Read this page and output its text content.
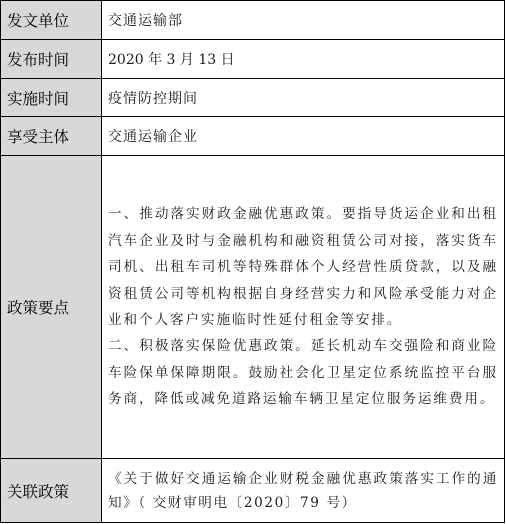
发文单位	交通运输部
发布时间	2020 年 3 月 13 日
实施时间	疫情防控期间
享受主体	交通运输企业
政策要点	一、推动落实财政金融优惠政策。要指导货运企业和出租汽车企业及时与金融机构和融资租赁公司对接，落实货车司机、出租车司机等特殊群体个人经营性质贷款，以及融资租赁公司等机构根据自身经营实力和风险承受能力对企业和个人客户实施临时性延付租金等安排。

二、积极落实保险优惠政策。延长机动车交强险和商业险车险保单保障期限。鼓励社会化卫星定位系统监控平台服务商，降低或减免道路运输车辆卫星定位服务运维费用。

关联政策	《关于做好交通运输企业财税金融优惠政策落实工作的通知》（ 交财审明电〔2020〕79 号）
